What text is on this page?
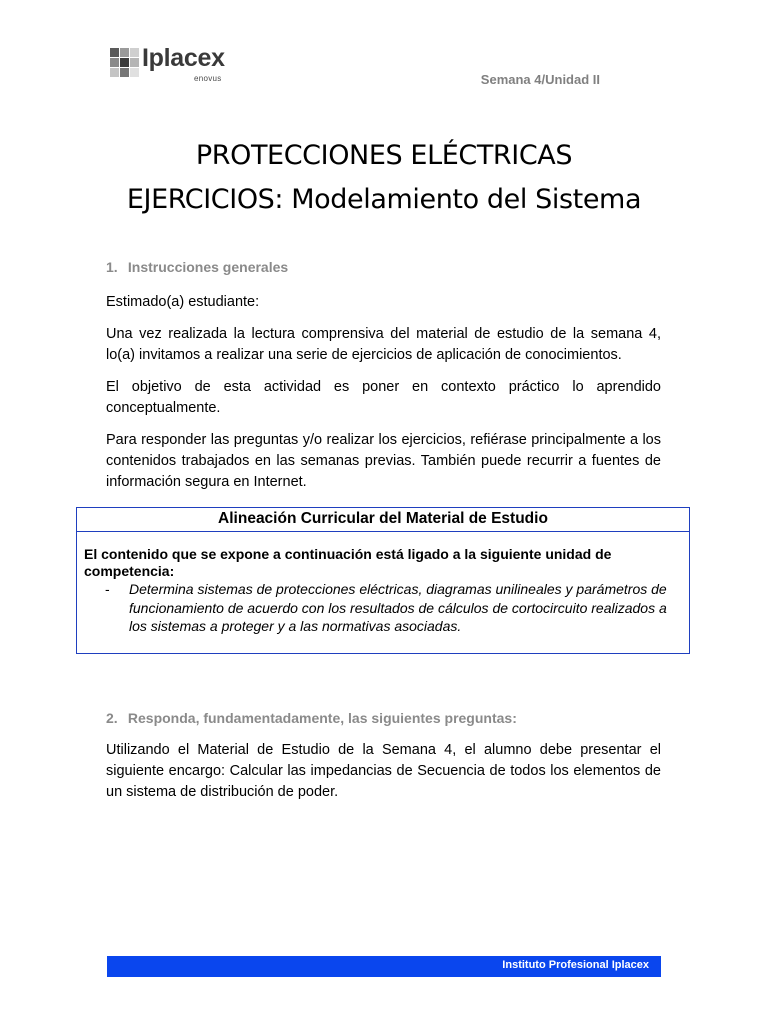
Iplacex
enovus	Semana 4/Unidad II
PROTECCIONES ELÉCTRICAS
EJERCICIOS: Modelamiento del Sistema
1. Instrucciones generales

Estimado(a) estudiante:

Una vez realizada la lectura comprensiva del material de estudio de la semana 4, lo(a) invitamos a realizar una serie de ejercicios de aplicación de conocimientos.

El objetivo de esta actividad es poner en contexto práctico lo aprendido conceptualmente.

Para responder las preguntas y/o realizar los ejercicios, refiérase principalmente a los contenidos trabajados en las semanas previas. También puede recurrir a fuentes de información segura en Internet.

Alineación Curricular del Material de Estudio
El contenido que se expone a continuación está ligado a la siguiente unidad de competencia:
- Determina sistemas de protecciones eléctricas, diagramas unilineales y parámetros de funcionamiento de acuerdo con los resultados de cálculos de cortocircuito realizados a los sistemas a proteger y a las normativas asociadas.
2. Responda, fundamentadamente, las siguientes preguntas:

Utilizando el Material de Estudio de la Semana 4, el alumno debe presentar el siguiente encargo: Calcular las impedancias de Secuencia de todos los elementos de un sistema de distribución de poder.

Instituto Profesional Iplacex
